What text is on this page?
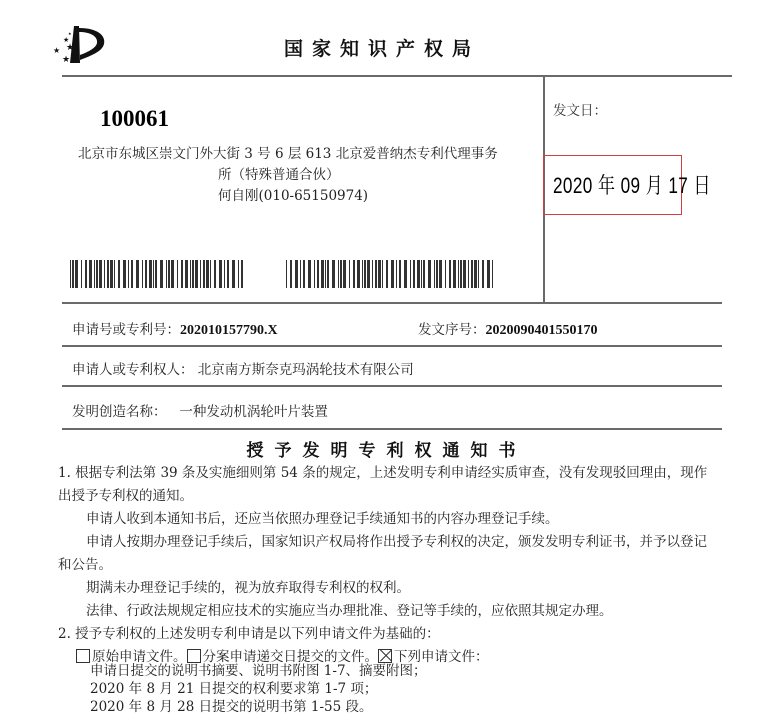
★
★
★
★
★
国家知识产权局
100061
北京市东城区崇文门外大街 3 号 6 层 613 北京爱普纳杰专利代理事务
所（特殊普通合伙）
何自刚(010-65150974)
发文日：
2020 年 09 月 17 日
申请号或专利号：202010157790.X	发文序号：2020090401550170
申请人或专利权人： 北京南方斯奈克玛涡轮技术有限公司
发明创造名称： 一种发动机涡轮叶片装置
授予发明专利权通知书
1. 根据专利法第 39 条及实施细则第 54 条的规定，上述发明专利申请经实质审查，没有发现驳回理由，现作
出授予专利权的通知。
申请人收到本通知书后，还应当依照办理登记手续通知书的内容办理登记手续。
申请人按期办理登记手续后，国家知识产权局将作出授予专利权的决定，颁发发明专利证书，并予以登记
和公告。
期满未办理登记手续的，视为放弃取得专利权的权利。
法律、行政法规规定相应技术的实施应当办理批准、登记等手续的，应依照其规定办理。
2. 授予专利权的上述发明专利申请是以下列申请文件为基础的：
原始申请文件。 分案申请递交日提交的文件。 下列申请文件：
申请日提交的说明书摘要、说明书附图 1-7、摘要附图；
2020 年 8 月 21 日提交的权利要求第 1-7 项；
2020 年 8 月 28 日提交的说明书第 1-55 段。
